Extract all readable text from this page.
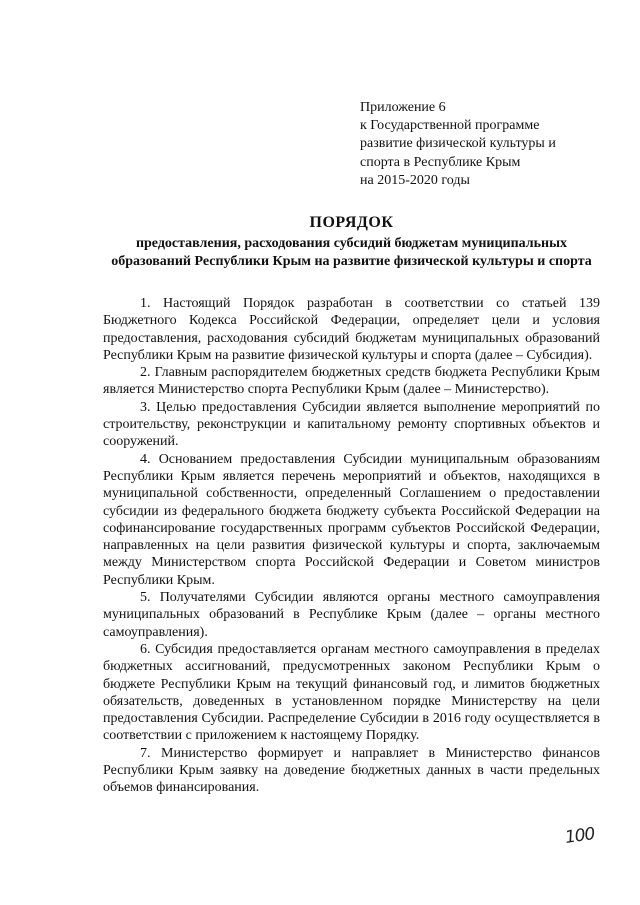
Приложение 6
к Государственной программе
развитие физической культуры и
спорта в Республике Крым
на 2015-2020 годы
ПОРЯДОК
предоставления, расходования субсидий бюджетам муниципальных образований Республики Крым на развитие физической культуры и спорта

1. Настоящий Порядок разработан в соответствии со статьей 139 Бюджетного Кодекса Российской Федерации, определяет цели и условия предоставления, расходования субсидий бюджетам муниципальных образований Республики Крым на развитие физической культуры и спорта (далее – Субсидия).

2. Главным распорядителем бюджетных средств бюджета Республики Крым является Министерство спорта Республики Крым (далее – Министерство).

3. Целью предоставления Субсидии является выполнение мероприятий по строительству, реконструкции и капитальному ремонту спортивных объектов и сооружений.

4. Основанием предоставления Субсидии муниципальным образованиям Республики Крым является перечень мероприятий и объектов, находящихся в муниципальной собственности, определенный Соглашением о предоставлении субсидии из федерального бюджета бюджету субъекта Российской Федерации на софинансирование государственных программ субъектов Российской Федерации, направленных на цели развития физической культуры и спорта, заключаемым между Министерством спорта Российской Федерации и Советом министров Республики Крым.

5. Получателями Субсидии являются органы местного самоуправления муниципальных образований в Республике Крым (далее – органы местного самоуправления).

6. Субсидия предоставляется органам местного самоуправления в пределах бюджетных ассигнований, предусмотренных законом Республики Крым о бюджете Республики Крым на текущий финансовый год, и лимитов бюджетных обязательств, доведенных в установленном порядке Министерству на цели предоставления Субсидии. Распределение Субсидии в 2016 году осуществляется в соответствии с приложением к настоящему Порядку.

7. Министерство формирует и направляет в Министерство финансов Республики Крым заявку на доведение бюджетных данных в части предельных объемов финансирования.

100
